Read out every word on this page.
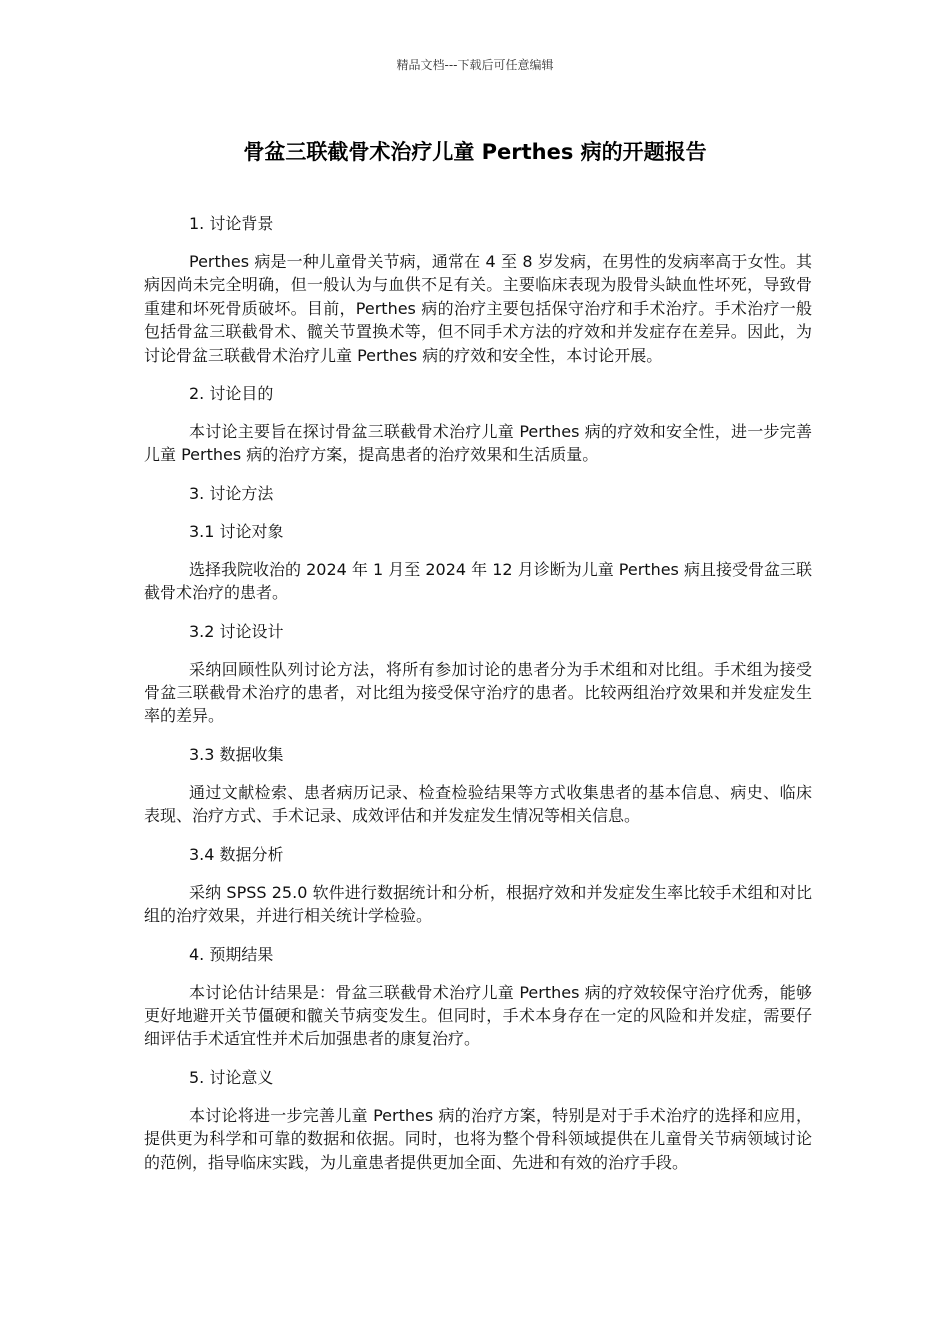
精品文档---下载后可任意编辑
骨盆三联截骨术治疗儿童 Perthes 病的开题报告

1. 讨论背景

Perthes 病是一种儿童骨关节病，通常在 4 至 8 岁发病，在男性的发病率高于女性。其病因尚未完全明确，但一般认为与血供不足有关。主要临床表现为股骨头缺血性坏死，导致骨重建和坏死骨质破坏。目前，Perthes 病的治疗主要包括保守治疗和手术治疗。手术治疗一般包括骨盆三联截骨术、髋关节置换术等，但不同手术方法的疗效和并发症存在差异。因此，为讨论骨盆三联截骨术治疗儿童 Perthes 病的疗效和安全性，本讨论开展。

2. 讨论目的

本讨论主要旨在探讨骨盆三联截骨术治疗儿童 Perthes 病的疗效和安全性，进一步完善儿童 Perthes 病的治疗方案，提高患者的治疗效果和生活质量。

3. 讨论方法

3.1 讨论对象

选择我院收治的 2024 年 1 月至 2024 年 12 月诊断为儿童 Perthes 病且接受骨盆三联截骨术治疗的患者。

3.2 讨论设计

采纳回顾性队列讨论方法，将所有参加讨论的患者分为手术组和对比组。手术组为接受骨盆三联截骨术治疗的患者，对比组为接受保守治疗的患者。比较两组治疗效果和并发症发生率的差异。

3.3 数据收集

通过文献检索、患者病历记录、检查检验结果等方式收集患者的基本信息、病史、临床表现、治疗方式、手术记录、成效评估和并发症发生情况等相关信息。

3.4 数据分析

采纳 SPSS 25.0 软件进行数据统计和分析，根据疗效和并发症发生率比较手术组和对比组的治疗效果，并进行相关统计学检验。

4. 预期结果

本讨论估计结果是：骨盆三联截骨术治疗儿童 Perthes 病的疗效较保守治疗优秀，能够更好地避开关节僵硬和髋关节病变发生。但同时，手术本身存在一定的风险和并发症，需要仔细评估手术适宜性并术后加强患者的康复治疗。

5. 讨论意义

本讨论将进一步完善儿童 Perthes 病的治疗方案，特别是对于手术治疗的选择和应用，提供更为科学和可靠的数据和依据。同时，也将为整个骨科领域提供在儿童骨关节病领域讨论的范例，指导临床实践，为儿童患者提供更加全面、先进和有效的治疗手段。
